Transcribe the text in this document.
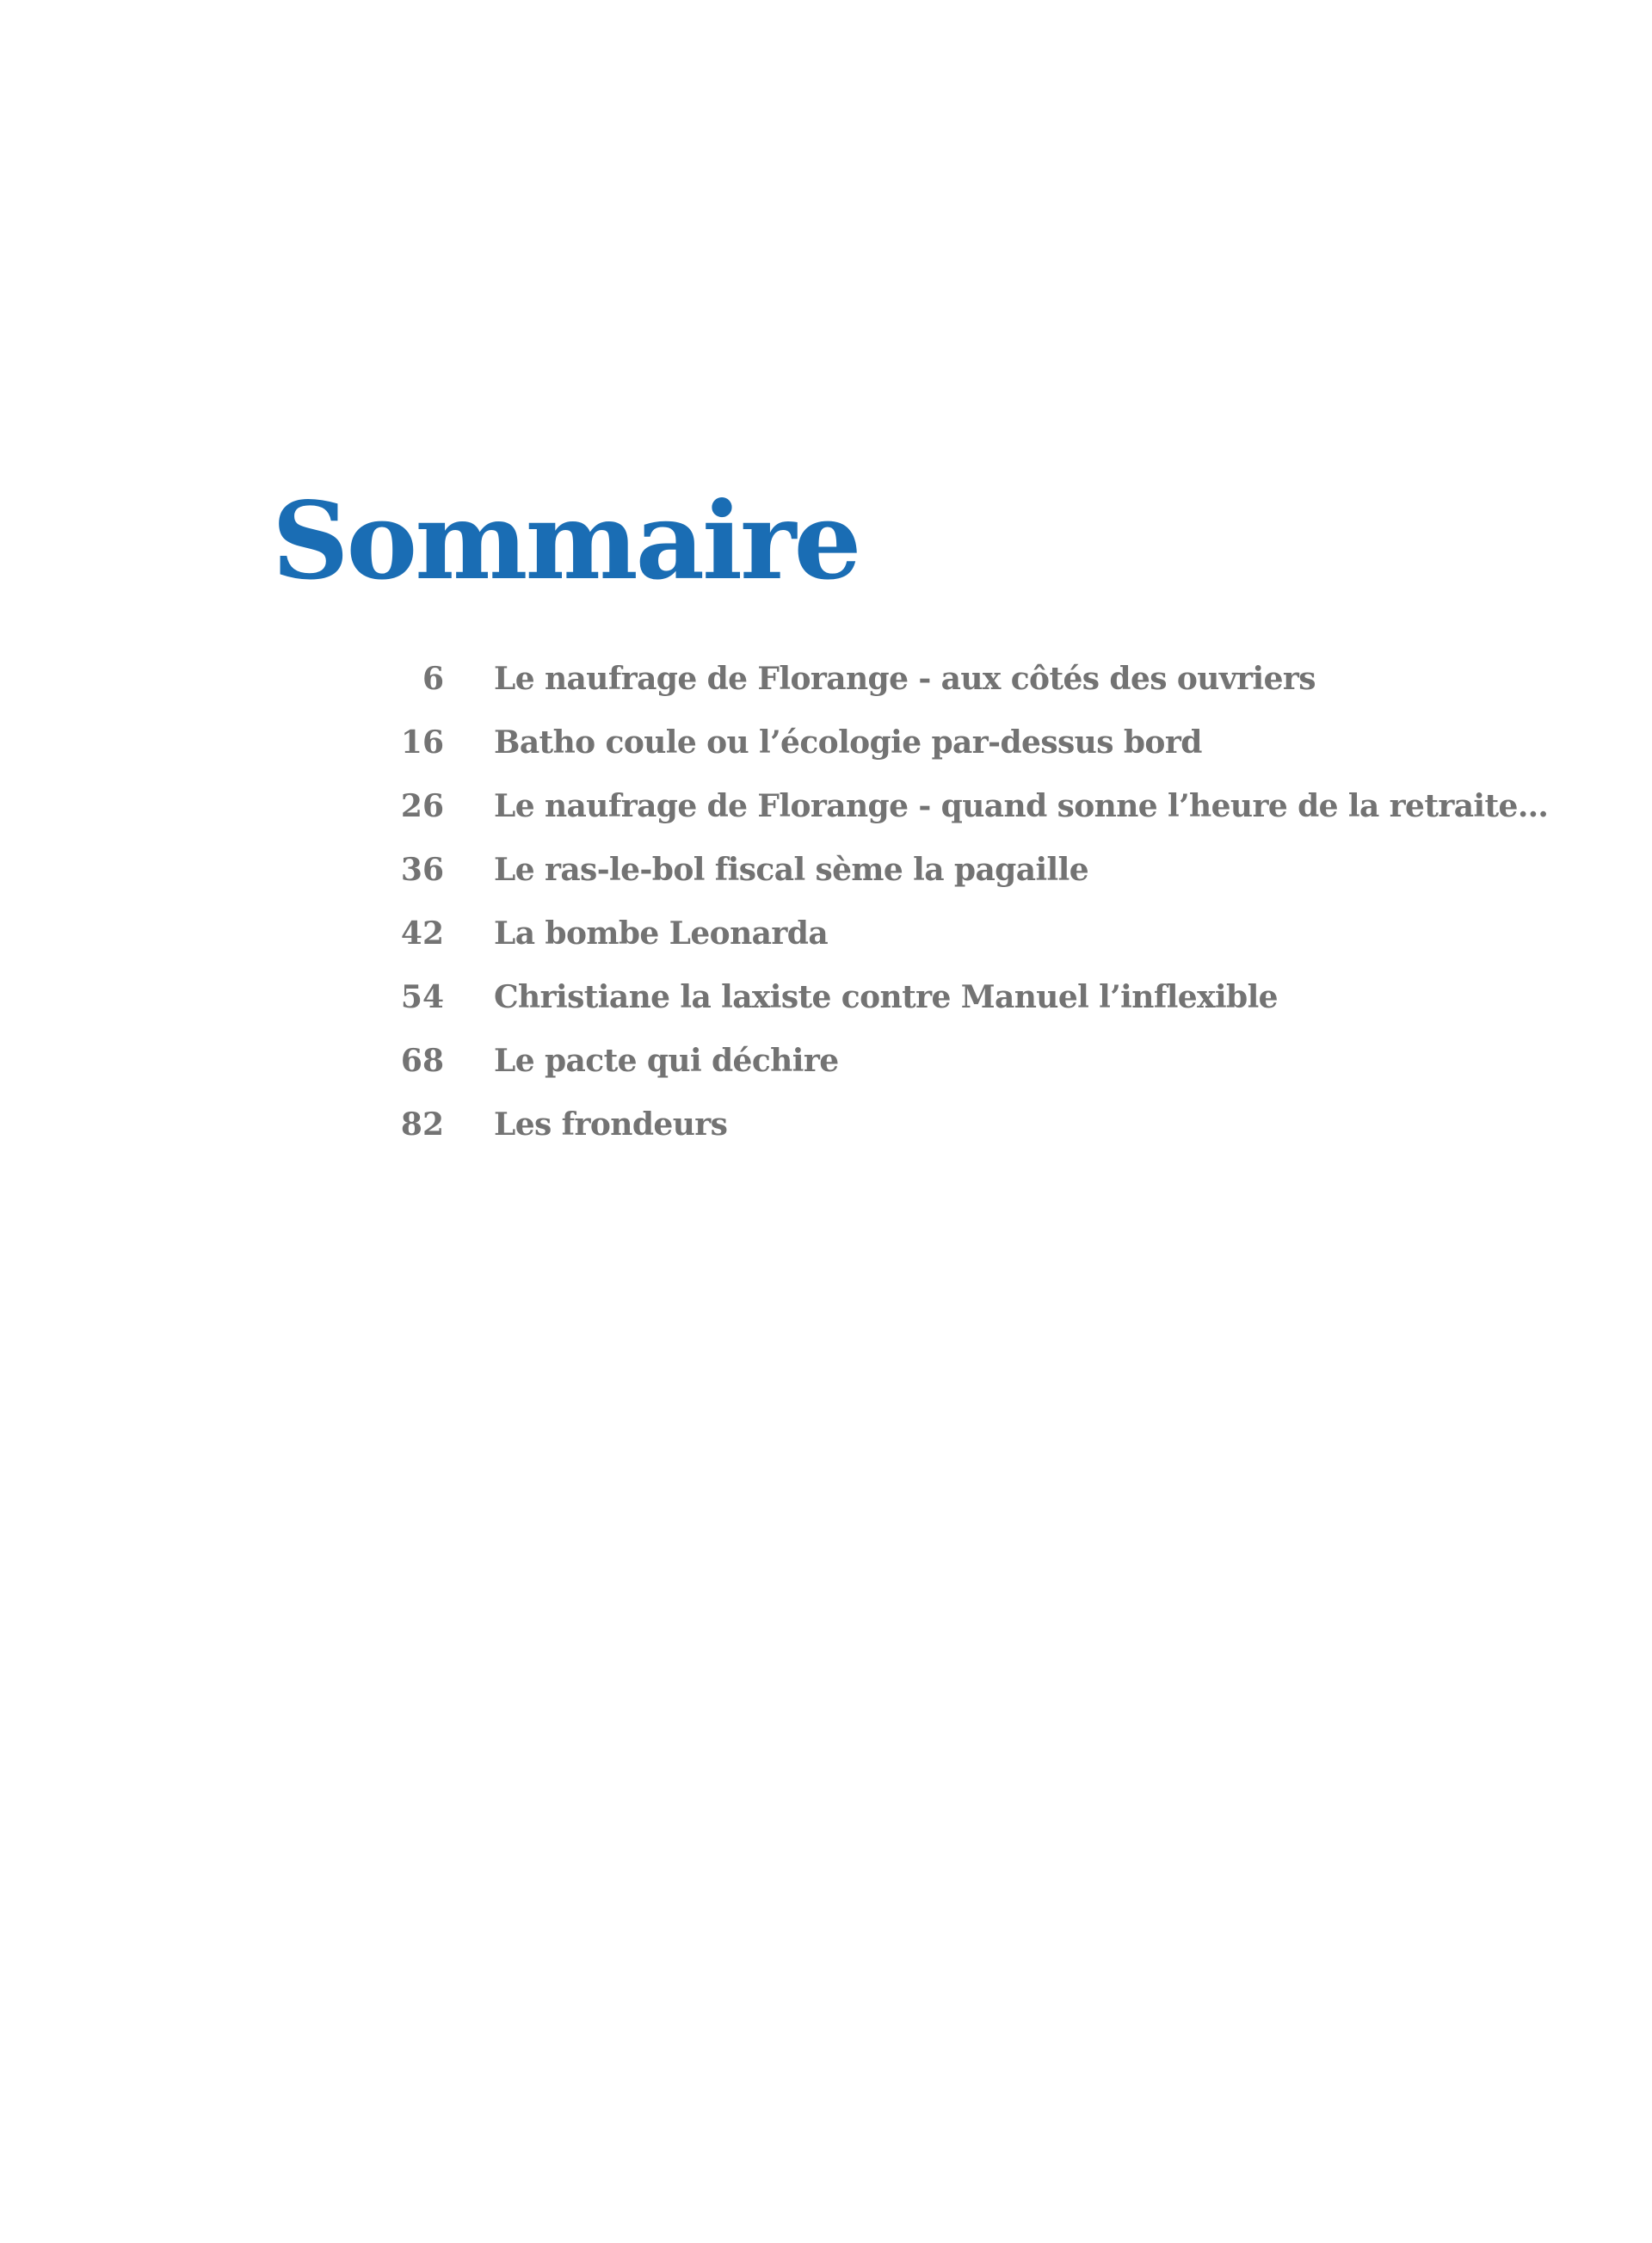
Sommaire
6 Le naufrage de Florange - aux côtés des ouvriers
16 Batho coule ou l’écologie par-dessus bord
26 Le naufrage de Florange - quand sonne l’heure de la retraite…
36 Le ras-le-bol fiscal sème la pagaille
42 La bombe Leonarda
54 Christiane la laxiste contre Manuel l’inflexible
68 Le pacte qui déchire
82 Les frondeurs
